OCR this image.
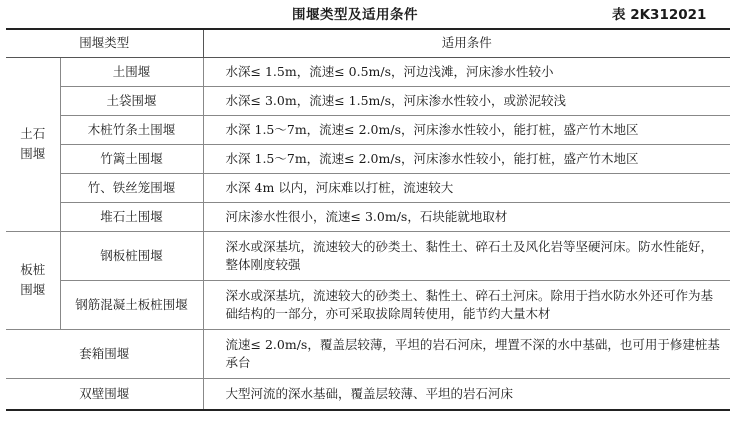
围堰类型及适用条件	表 2K312021
围堰类型		适用条件
土石围堰	土围堰	水深≤ 1.5m，流速≤ 0.5m/s，河边浅滩，河床渗水性较小
	土袋围堰	水深≤ 3.0m，流速≤ 1.5m/s，河床渗水性较小，或淤泥较浅
	木桩竹条土围堰	水深 1.5～7m，流速≤ 2.0m/s，河床渗水性较小，能打桩，盛产竹木地区
	竹篱土围堰	水深 1.5～7m，流速≤ 2.0m/s，河床渗水性较小，能打桩，盛产竹木地区
	竹、铁丝笼围堰	水深 4m 以内，河床难以打桩，流速较大
	堆石土围堰	河床渗水性很小，流速≤ 3.0m/s，石块能就地取材
板桩围堰	钢板桩围堰	深水或深基坑，流速较大的砂类土、黏性土、碎石土及风化岩等坚硬河床。防水性能好，整体刚度较强
	钢筋混凝土板桩围堰	深水或深基坑，流速较大的砂类土、黏性土、碎石土河床。除用于挡水防水外还可作为基础结构的一部分，亦可采取拔除周转使用，能节约大量木材
套箱围堰		流速≤ 2.0m/s，覆盖层较薄，平坦的岩石河床，埋置不深的水中基础，也可用于修建桩基承台
双壁围堰		大型河流的深水基础，覆盖层较薄、平坦的岩石河床
